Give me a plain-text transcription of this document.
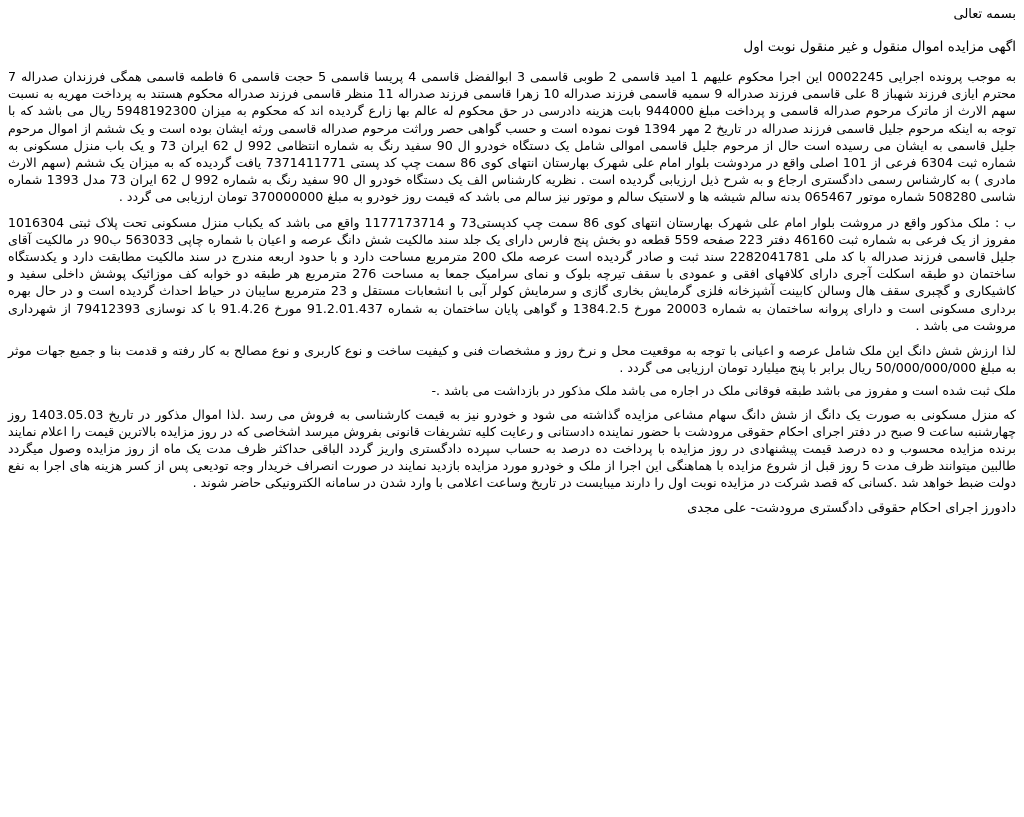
بسمه تعالی
اگهی مزایده اموال منقول و غیر منقول نوبت اول

به موجب پرونده اجرایی 0002245 این اجرا محکوم علیهم 1 امید قاسمی 2 طوبی قاسمی 3 ابوالفضل قاسمی 4 پریسا قاسمی 5 حجت قاسمی 6 فاطمه قاسمی همگی فرزندان صدراله 7 محترم ایازی فرزند شهباز 8 علی قاسمی فرزند صدراله 9 سمیه قاسمی فرزند صدراله 10 زهرا قاسمی فرزند صدراله 11 منظر قاسمی فرزند صدراله محکوم هستند به پرداخت مهریه به نسبت سهم الارث از ماترک مرحوم صدراله قاسمی و پرداخت مبلغ 944000 بابت هزینه دادرسی در حق محکوم له عالم بها زارع گردیده اند که محکوم به میزان 5948192300 ریال می باشد که با توجه به اینکه مرحوم جلیل قاسمی فرزند صدراله در تاریخ 2 مهر 1394 فوت نموده است و حسب گواهی حصر وراثت مرحوم صدراله قاسمی ورثه ایشان بوده است و یک ششم از اموال مرحوم جلیل قاسمی به ایشان می رسیده است حال از مرحوم جلیل قاسمی اموالی شامل یک دستگاه خودرو ال 90 سفید رنگ به شماره انتظامی 992 ل 62 ایران 73 و یک باب منزل مسکونی به شماره ثبت 6304 فرعی از 101 اصلی واقع در مردوشت بلوار امام علی شهرک بهارستان انتهای کوی 86 سمت چپ کد پستی 7371411771 یافت گردیده که به میزان یک ششم (سهم الارث مادری ) به کارشناس رسمی دادگستری ارجاع و به شرح ذیل ارزیابی گردیده است . نظریه کارشناس الف یک دستگاه خودرو ال 90 سفید رنگ به شماره 992 ل 62 ایران 73 مدل 1393 شماره شاسی 508280 شماره موتور 065467 بدنه سالم شیشه ها و لاستیک سالم و موتور نیز سالم می باشد که قیمت روز خودرو به مبلغ 370000000 تومان ارزیابی می گردد .

ب : ملک مذکور واقع در مروشت بلوار امام علی شهرک بهارستان انتهای کوی 86 سمت چپ کدپستی73 و 1177173714 واقع می باشد که یکباب منزل مسکونی تحت پلاک ثبتی 1016304 مفروز از یک فرعی به شماره ثبت 46160 دفتر 223 صفحه 559 قطعه دو بخش پنج فارس دارای یک جلد سند مالکیت شش دانگ عرصه و اعیان با شماره چاپی 563033 ب90 در مالکیت آقای جلیل قاسمی فرزند صدراله با کد ملی 2282041781 سند ثبت و صادر گردیده است عرصه ملک 200 مترمربع مساحت دارد و با حدود اربعه مندرج در سند مالکیت مطابقت دارد و یکدستگاه ساختمان دو طبقه اسکلت آجری دارای کلافهای افقی و عمودی با سقف تیرچه بلوک و نمای سرامیک جمعا به مساحت 276 مترمربع هر طبقه دو خوابه کف موزائیک پوشش داخلی سفید و کاشیکاری و گچبری سقف هال وسالن کابینت آشپزخانه فلزی گرمایش بخاری گازی و سرمایش کولر آبی با انشعابات مستقل و 23 مترمربع سایبان در حیاط احداث گردیده است و در حال بهره برداری مسکونی است و دارای پروانه ساختمان به شماره 20003 مورخ 1384.2.5 و گواهی پایان ساختمان به شماره 91.2.01.437 مورخ 91.4.26 با کد نوسازی 79412393 از شهرداری مروشت می باشد .

لذا ارزش شش دانگ این ملک شامل عرصه و اعیانی با توجه به موقعیت محل و نرخ روز و مشخصات فنی و کیفیت ساخت و نوع کاربری و نوع مصالح به کار رفته و قدمت بنا و جمیع جهات موثر به مبلغ 50/000/000/000 ریال برابر با پنج میلیارد تومان ارزیابی می گردد .

ملک ثبت شده است و مفروز می باشد طبقه فوقانی ملک در اجاره می باشد ملک مذکور در بازداشت می باشد .-

که منزل مسکونی به صورت یک دانگ از شش دانگ سهام مشاعی مزایده گذاشته می شود و خودرو نیز به قیمت کارشناسی به فروش می رسد .لذا اموال مذکور در تاریخ 1403.05.03 روز چهارشنبه ساعت 9 صبح در دفتر اجرای احکام حقوقی مرودشت با حضور نماینده دادستانی و رعایت کلیه تشریفات قانونی بفروش میرسد اشخاصی که در روز مزایده بالاترین قیمت را اعلام نمایند برنده مزایده محسوب و ده درصد قیمت پیشنهادی در روز مزایده با پرداخت ده درصد به حساب سپرده دادگستری واریز گردد الباقی حداکثر ظرف مدت یک ماه از روز مزایده وصول میگردد طالبین میتوانند ظرف مدت 5 روز قبل از شروع مزایده با هماهنگی این اجرا از ملک و خودرو مورد مزایده بازدید نمایند در صورت انصراف خریدار وجه تودیعی پس از کسر هزینه های اجرا به نفع دولت ضبط خواهد شد .کسانی که قصد شرکت در مزایده نوبت اول را دارند میبایست در تاریخ وساعت اعلامی با وارد شدن در سامانه الکترونیکی حاضر شوند .

دادورز اجرای احکام حقوقی دادگستری مرودشت- علی مجدی
